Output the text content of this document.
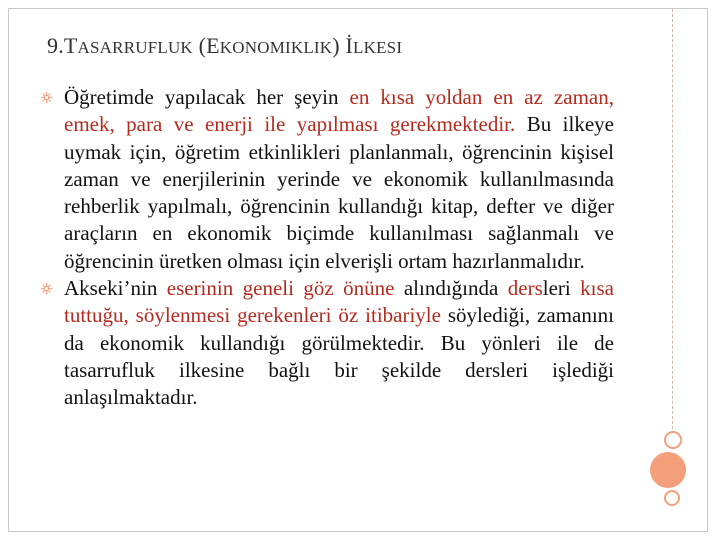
9.TASARRUFLUK (EKONOMIKLIK) İLKESI
Öğretimde yapılacak her şeyin en kısa yoldan en az zaman, emek, para ve enerji ile yapılması gerekmektedir. Bu ilkeye uymak için, öğretim etkinlikleri planlanmalı, öğrencinin kişisel zaman ve enerjilerinin yerinde ve ekonomik kullanılmasında rehberlik yapılmalı, öğrencinin kullandığı kitap, defter ve diğer araçların en ekonomik biçimde kullanılması sağlanmalı ve öğrencinin üretken olması için elverişli ortam hazırlanmalıdır.
Akseki’nin eserinin geneli göz önüne alındığında dersleri kısa tuttuğu, söylenmesi gerekenleri öz itibariyle söylediği, zamanını da ekonomik kullandığı görülmektedir. Bu yönleri ile de tasarrufluk ilkesine bağlı bir şekilde dersleri işlediği anlaşılmaktadır.
